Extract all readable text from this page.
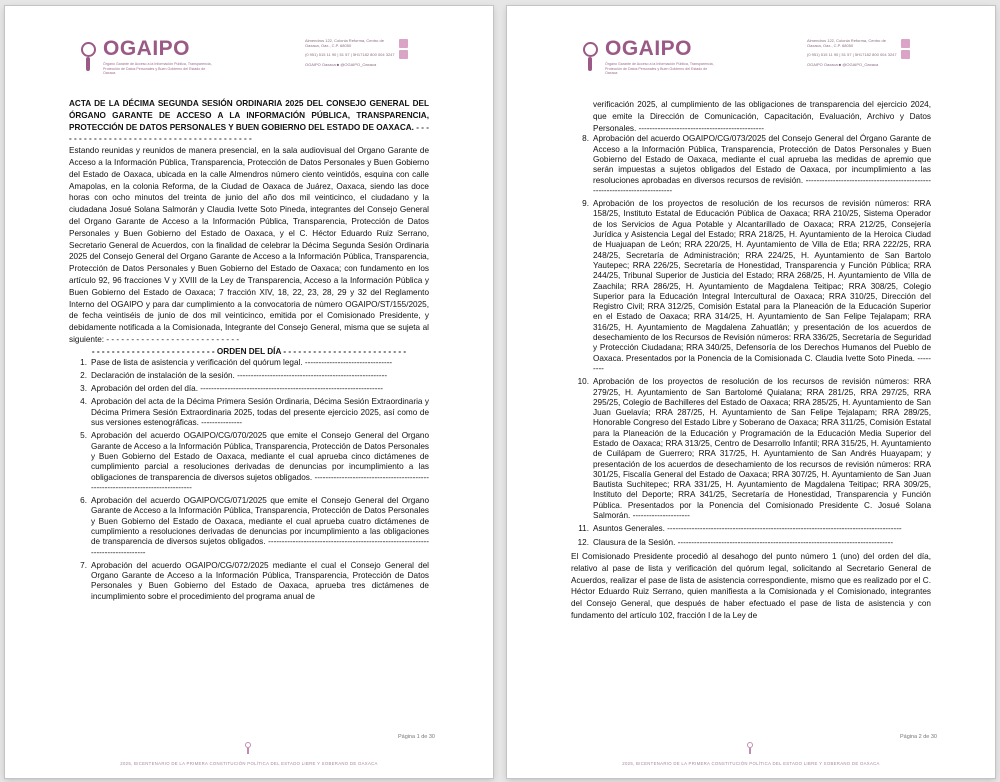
OGAIPO
Órgano Garante de Acceso a la Información Pública, Transparencia, Protección de Datos Personales y Buen Gobierno del Estado de Oaxaca
Almendros 122, Colonia Reforma, Centro de Oaxaca, Oax., C.P. 68050
(0 951) 515 11 90 | 51 57 | 5H17182 800 004 3247
OGAIPO Oaxaca ■ @OGAIPO_Oaxaca

ACTA DE LA DÉCIMA SEGUNDA SESIÓN ORDINARIA 2025 DEL CONSEJO GENERAL DEL ÓRGANO GARANTE DE ACCESO A LA INFORMACIÓN PÚBLICA, TRANSPARENCIA, PROTECCIÓN DE DATOS PERSONALES Y BUEN GOBIERNO DEL ESTADO DE OAXACA. - - - - - - - - - - - - - - - - - - - - - - - - - - - - - - - - - - - - - - - -

Estando reunidas y reunidos de manera presencial, en la sala audiovisual del Organo Garante de Acceso a la Información Pública, Transparencia, Protección de Datos Personales y Buen Gobierno del Estado de Oaxaca, ubicada en la calle Almendros número ciento veintidós, esquina con calle Amapolas, en la colonia Reforma, de la Ciudad de Oaxaca de Juárez, Oaxaca, siendo las doce horas con ocho minutos del treinta de junio del año dos mil veinticinco, el ciudadano y la ciudadana Josué Solana Salmorán y Claudia Ivette Soto Pineda, integrantes del Consejo General del Organo Garante de Acceso a la Información Pública, Transparencia, Protección de Datos Personales y Buen Gobierno del Estado de Oaxaca, y el C. Héctor Eduardo Ruiz Serrano, Secretario General de Acuerdos, con la finalidad de celebrar la Décima Segunda Sesión Ordinaria 2025 del Consejo General del Organo Garante de Acceso a la Información Pública, Transparencia, Protección de Datos Personales y Buen Gobierno del Estado de Oaxaca; con fundamento en los artículo 92, 96 fracciones V y XVIII de la Ley de Transparencia, Acceso a la Información Pública y Buen Gobierno del Estado de Oaxaca; 7 fracción XIV, 18, 22, 23, 28, 29 y 32 del Reglamento Interno del OGAIPO y para dar cumplimiento a la convocatoria de número OGAIPO/ST/155/2025, de fecha veintiséis de junio de dos mil veinticinco, emitida por el Comisionado Presidente, y debidamente notificada a la Comisionada, Integrante del Consejo General, misma que se sujeta al siguiente: - - - - - - - - - - - - - - - - - - - - - - - - - - -

- - - - - - - - - - - - - - - - - - - - - - - - - ORDEN DEL DÍA - - - - - - - - - - - - - - - - - - - - - - - - -

1. Pase de lista de asistencia y verificación del quórum legal. --------------------------------
2. Declaración de instalación de la sesión. -------------------------------------------------------
3. Aprobación del orden del día. -------------------------------------------------------------------
4. Aprobación del acta de la Décima Primera Sesión Ordinaria, Décima Sesión Extraordinaria y Décima Primera Sesión Extraordinaria 2025, todas del presente ejercicio 2025, así como de sus versiones estenográficas. ---------------
5. Aprobación del acuerdo OGAIPO/CG/070/2025 que emite el Consejo General del Organo Garante de Acceso a la Información Pública, Transparencia, Protección de Datos Personales y Buen Gobierno del Estado de Oaxaca, mediante el cual aprueba cinco dictámenes de cumplimiento parcial a resoluciones derivadas de denuncias por incumplimiento a las obligaciones de transparencia de diversos sujetos obligados. -------------------------------------------------------------------------------
6. Aprobación del acuerdo OGAIPO/CG/071/2025 que emite el Consejo General del Organo Garante de Acceso a la Información Pública, Transparencia, Protección de Datos Personales y Buen Gobierno del Estado de Oaxaca, mediante el cual aprueba cuatro dictámenes de cumplimiento a resoluciones derivadas de denuncias por incumplimiento a las obligaciones de transparencia de diversos sujetos obligados. -------------------------------------------------------------------------------
7. Aprobación del acuerdo OGAIPO/CG/072/2025 mediante el cual el Consejo General del Organo Garante de Acceso a la Información Pública, Transparencia, Protección de Datos Personales y Buen Gobierno del Estado de Oaxaca, aprueba tres dictámenes de incumplimiento sobre el procedimiento del programa anual de
Página 1 de 30
2025, BICENTENARIO DE LA PRIMERA CONSTITUCIÓN POLÍTICA DEL ESTADO LIBRE Y SOBERANO DE OAXACA
OGAIPO
Órgano Garante de Acceso a la Información Pública, Transparencia, Protección de Datos Personales y Buen Gobierno del Estado de Oaxaca
Almendros 122, Colonia Reforma, Centro de Oaxaca, Oax., C.P. 68050
(0 951) 515 11 90 | 51 57 | 5H17182 800 004 3247
OGAIPO Oaxaca ■ @OGAIPO_Oaxaca

verificación 2025, al cumplimiento de las obligaciones de transparencia del ejercicio 2024, que emite la Dirección de Comunicación, Capacitación, Evaluación, Archivo y Datos Personales. ----------------------------------------------

8. Aprobación del acuerdo OGAIPO/CG/073/2025 del Consejo General del Órgano Garante de Acceso a la Información Pública, Transparencia, Protección de Datos Personales y Buen Gobierno del Estado de Oaxaca, mediante el cual aprueba las medidas de apremio que serán impuestas a sujetos obligados del Estado de Oaxaca, por incumplimiento a las resoluciones aprobadas en diversos recursos de revisión. ---------------------------------------------------------------------------
9. Aprobación de los proyectos de resolución de los recursos de revisión números: RRA 158/25, Instituto Estatal de Educación Pública de Oaxaca; RRA 210/25, Sistema Operador de los Servicios de Agua Potable y Alcantarillado de Oaxaca; RRA 212/25, Consejería Jurídica y Asistencia Legal del Estado; RRA 218/25, H. Ayuntamiento de la Heroica Ciudad de Huajuapan de León; RRA 220/25, H. Ayuntamiento de Villa de Etla; RRA 222/25, RRA 248/25, Secretaría de Administración; RRA 224/25, H. Ayuntamiento de San Bartolo Yautepec; RRA 226/25, Secretaría de Honestidad, Transparencia y Función Pública; RRA 244/25, Tribunal Superior de Justicia del Estado; RRA 268/25, H. Ayuntamiento de Villa de Zaachila; RRA 286/25, H. Ayuntamiento de Magdalena Teitipac; RRA 308/25, Colegio Superior para la Educación Integral Intercultural de Oaxaca; RRA 310/25, Dirección del Registro Civil; RRA 312/25, Comisión Estatal para la Planeación de la Educación Superior en el Estado de Oaxaca; RRA 314/25, H. Ayuntamiento de San Felipe Tejalapam; RRA 316/25, H. Ayuntamiento de Magdalena Zahuatlán; y presentación de los acuerdos de desechamiento de los Recursos de Revisión números: RRA 336/25, Secretaría de Seguridad y Protección Ciudadana; RRA 340/25, Defensoría de los Derechos Humanos del Pueblo de Oaxaca. Presentados por la Ponencia de la Comisionada C. Claudia Ivette Soto Pineda. ---------
10. Aprobación de los proyectos de resolución de los recursos de revisión números: RRA 279/25, H. Ayuntamiento de San Bartolomé Quialana; RRA 281/25, RRA 297/25, RRA 295/25, Colegio de Bachilleres del Estado de Oaxaca; RRA 285/25, H. Ayuntamiento de San Juan Guelavía; RRA 287/25, H. Ayuntamiento de San Felipe Tejalapam; RRA 289/25, Honorable Congreso del Estado Libre y Soberano de Oaxaca; RRA 311/25, Comisión Estatal para la Planeación de la Educación y Programación de la Educación Media Superior del Estado de Oaxaca; RRA 313/25, Centro de Desarrollo Infantil; RRA 315/25, H. Ayuntamiento de Cuilápam de Guerrero; RRA 317/25, H. Ayuntamiento de San Andrés Huayapam; y presentación de los acuerdos de desechamiento de los recursos de revisión números: RRA 301/25, Fiscalía General del Estado de Oaxaca; RRA 307/25, H. Ayuntamiento de San Juan Bautista Suchitepec; RRA 331/25, H. Ayuntamiento de Magdalena Teitipac; RRA 309/25, Instituto del Deporte; RRA 341/25, Secretaría de Honestidad, Transparencia y Función Pública. Presentados por la Ponencia del Comisionado Presidente C. Josué Solana Salmorán. ---------------------
11. Asuntos Generales. --------------------------------------------------------------------------------------
12. Clausura de la Sesión. -------------------------------------------------------------------------------

El Comisionado Presidente procedió al desahogo del punto número 1 (uno) del orden del día, relativo al pase de lista y verificación del quórum legal, solicitando al Secretario General de Acuerdos, realizar el pase de lista de asistencia correspondiente, mismo que es realizado por el C. Héctor Eduardo Ruiz Serrano, quien manifiesta a la Comisionada y el Comisionado, integrantes del Consejo General, que después de haber efectuado el pase de lista de asistencia y con fundamento del artículo 102, fracción I de la Ley de

Página 2 de 30
2025, BICENTENARIO DE LA PRIMERA CONSTITUCIÓN POLÍTICA DEL ESTADO LIBRE Y SOBERANO DE OAXACA
